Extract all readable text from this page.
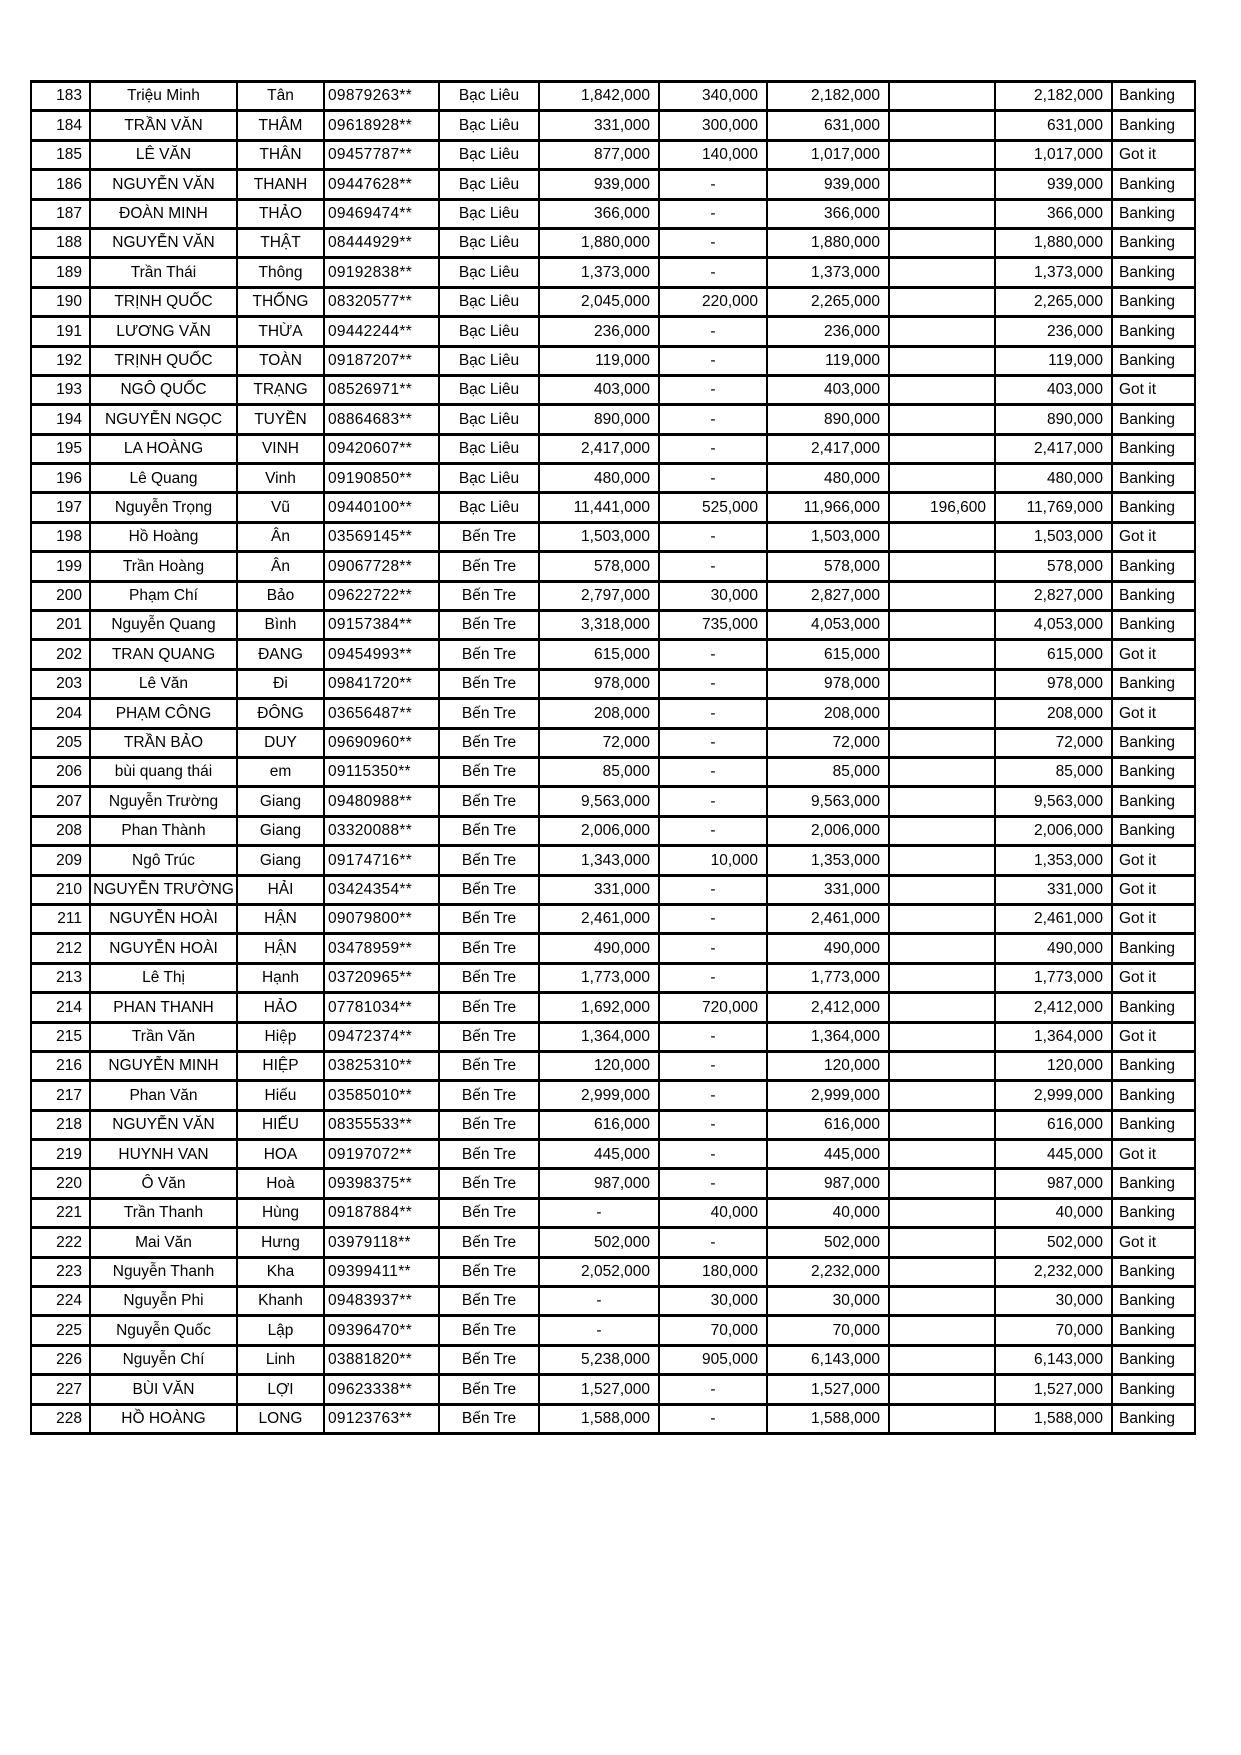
183	Triệu Minh	Tân	09879263**	Bạc Liêu	1,842,000	340,000	2,182,000		2,182,000	Banking
184	TRẦN VĂN	THÂM	09618928**	Bạc Liêu	331,000	300,000	631,000		631,000	Banking
185	LÊ VĂN	THÂN	09457787**	Bạc Liêu	877,000	140,000	1,017,000		1,017,000	Got it
186	NGUYỄN VĂN	THANH	09447628**	Bạc Liêu	939,000	-	939,000		939,000	Banking
187	ĐOÀN MINH	THẢO	09469474**	Bạc Liêu	366,000	-	366,000		366,000	Banking
188	NGUYỄN VĂN	THẬT	08444929**	Bạc Liêu	1,880,000	-	1,880,000		1,880,000	Banking
189	Trần Thái	Thông	09192838**	Bạc Liêu	1,373,000	-	1,373,000		1,373,000	Banking
190	TRỊNH QUỐC	THỐNG	08320577**	Bạc Liêu	2,045,000	220,000	2,265,000		2,265,000	Banking
191	LƯƠNG VĂN	THỪA	09442244**	Bạc Liêu	236,000	-	236,000		236,000	Banking
192	TRỊNH QUỐC	TOÀN	09187207**	Bạc Liêu	119,000	-	119,000		119,000	Banking
193	NGÔ QUỐC	TRẠNG	08526971**	Bạc Liêu	403,000	-	403,000		403,000	Got it
194	NGUYỄN NGỌC	TUYỀN	08864683**	Bạc Liêu	890,000	-	890,000		890,000	Banking
195	LA HOÀNG	VINH	09420607**	Bạc Liêu	2,417,000	-	2,417,000		2,417,000	Banking
196	Lê Quang	Vinh	09190850**	Bạc Liêu	480,000	-	480,000		480,000	Banking
197	Nguyễn Trọng	Vũ	09440100**	Bạc Liêu	11,441,000	525,000	11,966,000	196,600	11,769,000	Banking
198	Hồ Hoàng	Ân	03569145**	Bến Tre	1,503,000	-	1,503,000		1,503,000	Got it
199	Trần Hoàng	Ân	09067728**	Bến Tre	578,000	-	578,000		578,000	Banking
200	Phạm Chí	Bảo	09622722**	Bến Tre	2,797,000	30,000	2,827,000		2,827,000	Banking
201	Nguyễn Quang	Bình	09157384**	Bến Tre	3,318,000	735,000	4,053,000		4,053,000	Banking
202	TRAN QUANG	ĐANG	09454993**	Bến Tre	615,000	-	615,000		615,000	Got it
203	Lê Văn	Đi	09841720**	Bến Tre	978,000	-	978,000		978,000	Banking
204	PHẠM CÔNG	ĐÔNG	03656487**	Bến Tre	208,000	-	208,000		208,000	Got it
205	TRẦN BẢO	DUY	09690960**	Bến Tre	72,000	-	72,000		72,000	Banking
206	bùi quang thái	em	09115350**	Bến Tre	85,000	-	85,000		85,000	Banking
207	Nguyễn Trường	Giang	09480988**	Bến Tre	9,563,000	-	9,563,000		9,563,000	Banking
208	Phan Thành	Giang	03320088**	Bến Tre	2,006,000	-	2,006,000		2,006,000	Banking
209	Ngô Trúc	Giang	09174716**	Bến Tre	1,343,000	10,000	1,353,000		1,353,000	Got it
210	NGUYỄN TRƯỜNG	HẢI	03424354**	Bến Tre	331,000	-	331,000		331,000	Got it
211	NGUYỄN HOÀI	HẬN	09079800**	Bến Tre	2,461,000	-	2,461,000		2,461,000	Got it
212	NGUYỄN HOÀI	HẬN	03478959**	Bến Tre	490,000	-	490,000		490,000	Banking
213	Lê Thị	Hạnh	03720965**	Bến Tre	1,773,000	-	1,773,000		1,773,000	Got it
214	PHAN THANH	HẢO	07781034**	Bến Tre	1,692,000	720,000	2,412,000		2,412,000	Banking
215	Trần Văn	Hiệp	09472374**	Bến Tre	1,364,000	-	1,364,000		1,364,000	Got it
216	NGUYỄN MINH	HIỆP	03825310**	Bến Tre	120,000	-	120,000		120,000	Banking
217	Phan Văn	Hiếu	03585010**	Bến Tre	2,999,000	-	2,999,000		2,999,000	Banking
218	NGUYỄN VĂN	HIẾU	08355533**	Bến Tre	616,000	-	616,000		616,000	Banking
219	HUYNH VAN	HOA	09197072**	Bến Tre	445,000	-	445,000		445,000	Got it
220	Ô Văn	Hoà	09398375**	Bến Tre	987,000	-	987,000		987,000	Banking
221	Trần Thanh	Hùng	09187884**	Bến Tre	-	40,000	40,000		40,000	Banking
222	Mai Văn	Hưng	03979118**	Bến Tre	502,000	-	502,000		502,000	Got it
223	Nguyễn Thanh	Kha	09399411**	Bến Tre	2,052,000	180,000	2,232,000		2,232,000	Banking
224	Nguyễn Phi	Khanh	09483937**	Bến Tre	-	30,000	30,000		30,000	Banking
225	Nguyễn Quốc	Lập	09396470**	Bến Tre	-	70,000	70,000		70,000	Banking
226	Nguyễn Chí	Linh	03881820**	Bến Tre	5,238,000	905,000	6,143,000		6,143,000	Banking
227	BÙI VĂN	LỢI	09623338**	Bến Tre	1,527,000	-	1,527,000		1,527,000	Banking
228	HỒ HOÀNG	LONG	09123763**	Bến Tre	1,588,000	-	1,588,000		1,588,000	Banking
